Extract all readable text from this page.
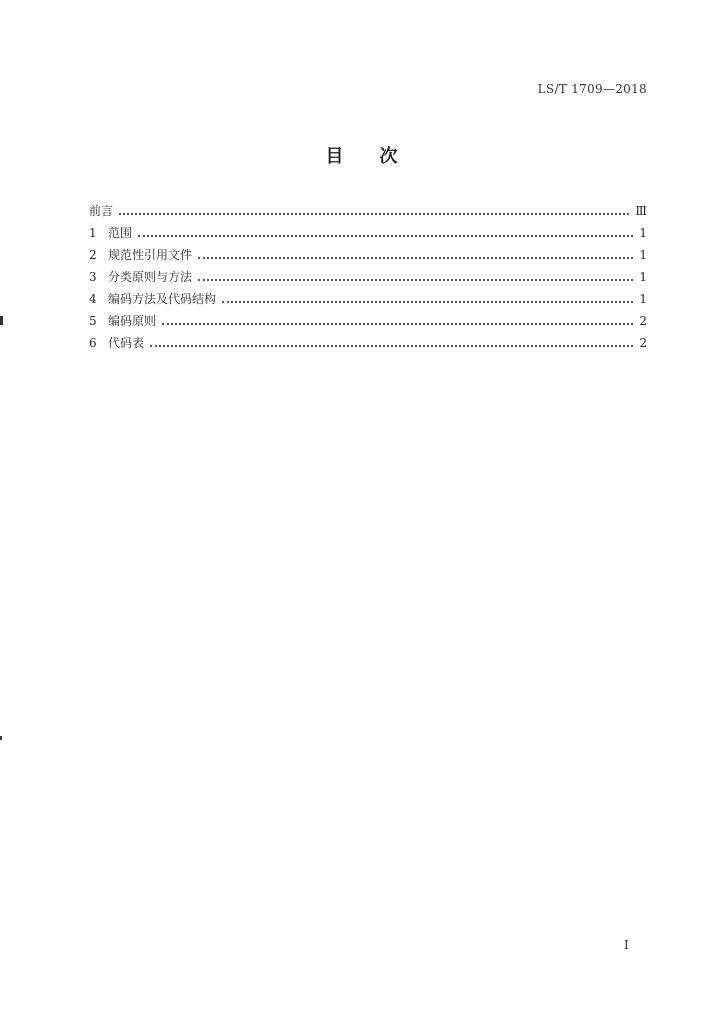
LS/T 1709—2018
目 次
前言	Ⅲ
1 范围	1
2 规范性引用文件	1
3 分类原则与方法	1
4 编码方法及代码结构	1
5 编码原则	2
6 代码表	2
I
